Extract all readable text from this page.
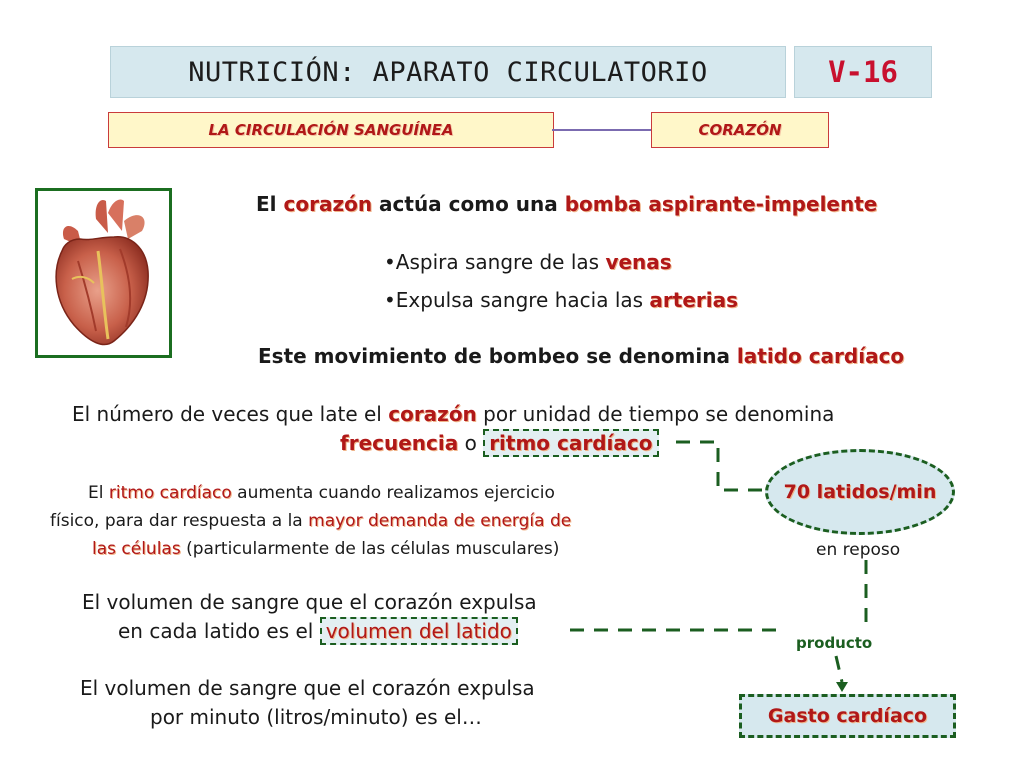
NUTRICIÓN: APARATO CIRCULATORIO	V-16
LA CIRCULACIÓN SANGUÍNEA	CORAZÓN
El corazón actúa como una bomba aspirante-impelente
•Aspira sangre de las venas
•Expulsa sangre hacia las arterias
Este movimiento de bombeo se denomina latido cardíaco
El número de veces que late el corazón por unidad de tiempo se denomina
frecuencia o ritmo cardíaco
70 latidos/min
en reposo
El ritmo cardíaco aumenta cuando realizamos ejercicio
físico, para dar respuesta a la mayor demanda de energía de
las células (particularmente de las células musculares)
El volumen de sangre que el corazón expulsa
en cada latido es el volumen del latido
El volumen de sangre que el corazón expulsa
por minuto (litros/minuto) es el…
producto
Gasto cardíaco
